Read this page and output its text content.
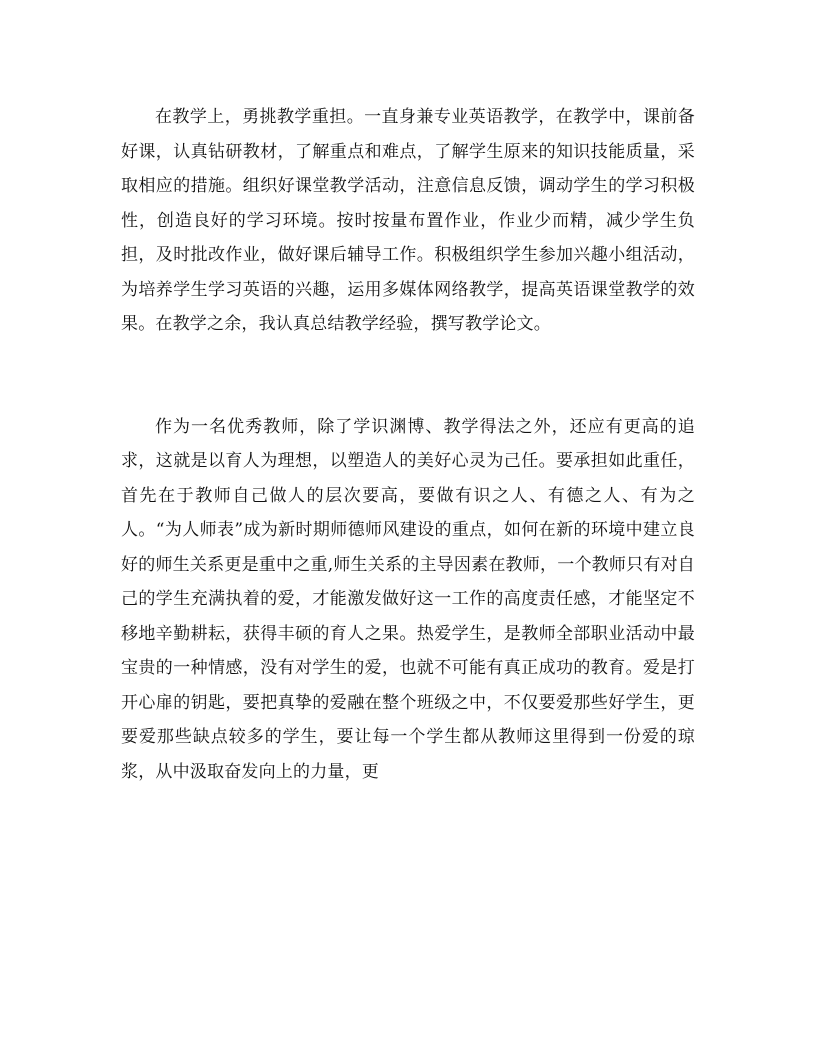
在教学上，勇挑教学重担。一直身兼专业英语教学，在教学中，课前备好课，认真钻研教材，了解重点和难点，了解学生原来的知识技能质量，采取相应的措施。组织好课堂教学活动，注意信息反馈，调动学生的学习积极性，创造良好的学习环境。按时按量布置作业，作业少而精，减少学生负担，及时批改作业，做好课后辅导工作。积极组织学生参加兴趣小组活动，为培养学生学习英语的兴趣，运用多媒体网络教学，提高英语课堂教学的效果。在教学之余，我认真总结教学经验，撰写教学论文。

作为一名优秀教师，除了学识渊博、教学得法之外，还应有更高的追求，这就是以育人为理想，以塑造人的美好心灵为己任。要承担如此重任，首先在于教师自己做人的层次要高，要做有识之人、有德之人、有为之人。“为人师表”成为新时期师德师风建设的重点，如何在新的环境中建立良好的师生关系更是重中之重,师生关系的主导因素在教师，一个教师只有对自己的学生充满执着的爱，才能激发做好这一工作的高度责任感，才能坚定不移地辛勤耕耘，获得丰硕的育人之果。热爱学生，是教师全部职业活动中最宝贵的一种情感，没有对学生的爱，也就不可能有真正成功的教育。爱是打开心扉的钥匙，要把真挚的爱融在整个班级之中，不仅要爱那些好学生，更要爱那些缺点较多的学生，要让每一个学生都从教师这里得到一份爱的琼浆，从中汲取奋发向上的力量，更
